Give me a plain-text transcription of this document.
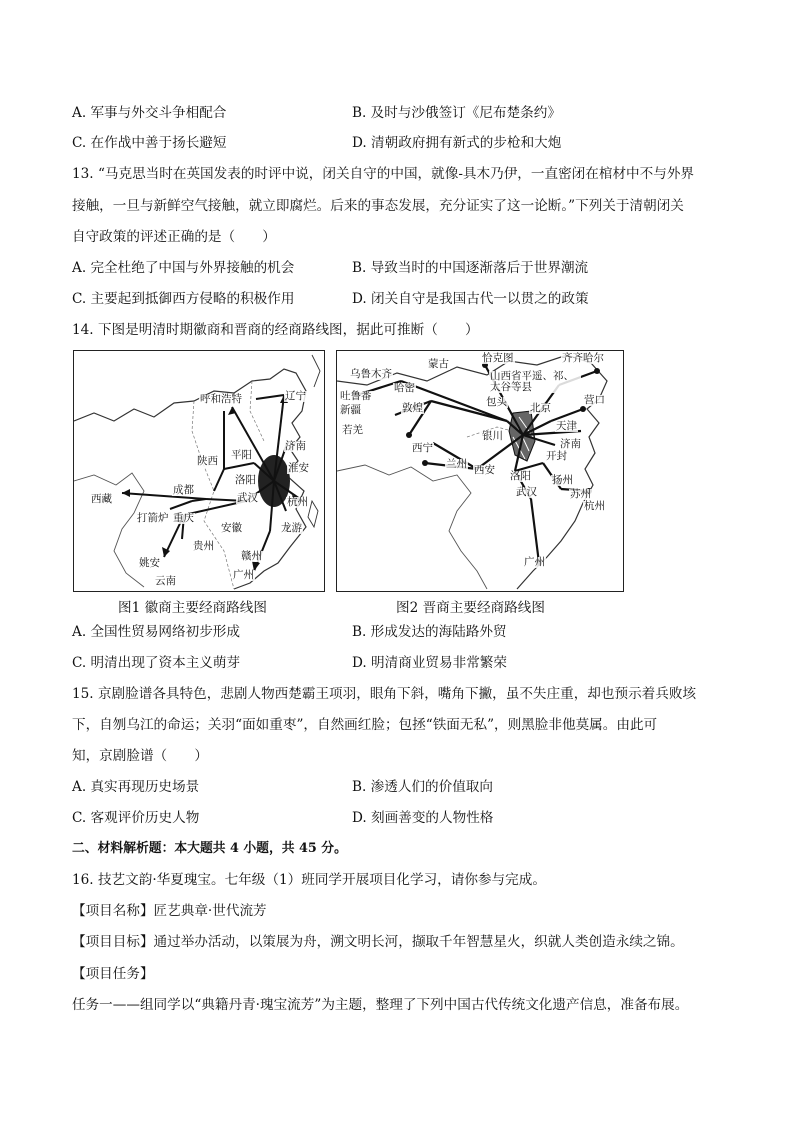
A. 军事与外交斗争相配合	B. 及时与沙俄签订《尼布楚条约》
C. 在作战中善于扬长避短	D. 清朝政府拥有新式的步枪和大炮
13. “马克思当时在英国发表的时评中说，闭关自守的中国，就像-具木乃伊，一直密闭在棺材中不与外界
接触，一旦与新鲜空气接触，就立即腐烂。后来的事态发展，充分证实了这一论断。”下列关于清朝闭关
自守政策的评述正确的是（　　）
A. 完全杜绝了中国与外界接触的机会	B. 导致当时的中国逐渐落后于世界潮流
C. 主要起到抵御西方侵略的积极作用	D. 闭关自守是我国古代一以贯之的政策
14. 下图是明清时期徽商和晋商的经商路线图，据此可推断（　　）
呼和浩特	辽宁
济南
平阳
陕西
洛阳
淮安
西藏
成都
武汉	杭州
打箭炉 重庆
安徽	龙游
贵州
赣州
姚安
广州
云南
图1 徽商主要经商路线图
乌鲁木齐
蒙古	恰克图	齐齐哈尔
吐鲁番
哈密
山西省平遥、祁、太谷等县
新疆	敦煌	包头 北京
营口
若羌	银川
天津
西宁	济南
兰州 西安 洛阳
开封
武汉
扬州
苏州
杭州
广州
图2 晋商主要经商路线图
A. 全国性贸易网络初步形成	B. 形成发达的海陆路外贸
C. 明清出现了资本主义萌芽	D. 明清商业贸易非常繁荣
15. 京剧脸谱各具特色，悲剧人物西楚霸王项羽，眼角下斜，嘴角下撇，虽不失庄重，却也预示着兵败垓
下，自刎乌江的命运；关羽“面如重枣”，自然画红脸；包拯“铁面无私”，则黑脸非他莫属。由此可
知，京剧脸谱（　　）
A. 真实再现历史场景	B. 渗透人们的价值取向
C. 客观评价历史人物	D. 刻画善变的人物性格
二、材料解析题：本大题共 4 小题，共 45 分。
16. 技艺文韵·华夏瑰宝。七年级（1）班同学开展项目化学习，请你参与完成。
【项目名称】匠艺典章·世代流芳
【项目目标】通过举办活动，以策展为舟，溯文明长河，撷取千年智慧星火，织就人类创造永续之锦。
【项目任务】
任务一——组同学以“典籍丹青·瑰宝流芳”为主题，整理了下列中国古代传统文化遗产信息，准备布展。
